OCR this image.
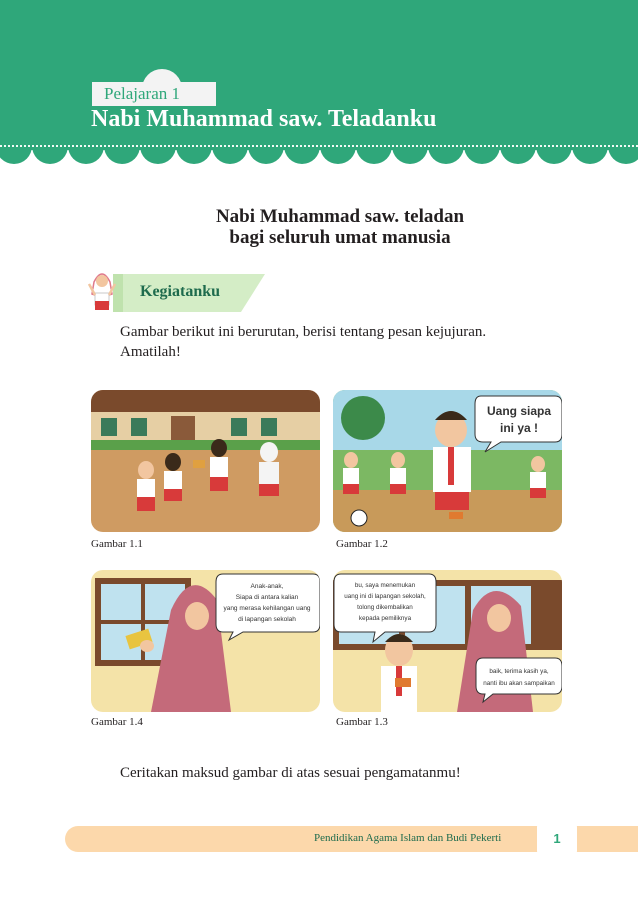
Pelajaran 1
Nabi Muhammad saw. Teladanku
Nabi Muhammad saw. teladan
bagi seluruh umat manusia
Kegiatanku
Gambar berikut ini berurutan, berisi tentang pesan kejujuran.
Amatilah!
Uang siapa
ini ya !
Anak-anak,
Siapa di antara kalian
yang merasa kehilangan uang
di lapangan sekolah
bu, saya menemukan
uang ini di lapangan sekolah,
tolong dikembalikan
kepada pemiliknya
baik, terima kasih ya,
nanti ibu akan sampaikan
Gambar 1.1	Gambar 1.2
Gambar 1.4	Gambar 1.3
Ceritakan maksud gambar di atas sesuai pengamatanmu!
Pendidikan Agama Islam dan Budi Pekerti	1
